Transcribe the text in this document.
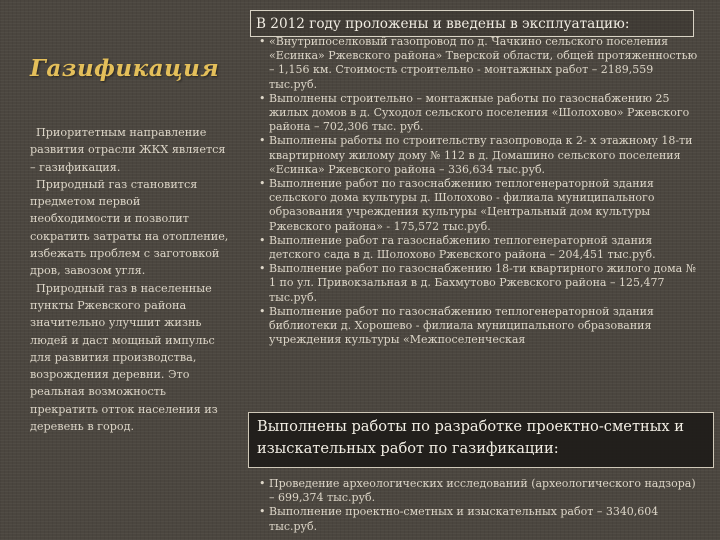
Газификация

Приоритетным направление развития отрасли ЖКХ является – газификация.

Природный газ становится предметом первой необходимости и позволит сократить затраты на отопление, избежать проблем с заготовкой дров, завозом угля.

Природный газ в населенные пункты Ржевского района значительно улучшит жизнь людей и даст мощный импульс для развития производства, возрождения деревни. Это реальная возможность прекратить отток населения из деревень в город.

В 2012 году проложены и введены в эксплуатацию:
• «Внутрипоселковый газопровод по д. Чачкино сельского поселения «Есинка» Ржевского района» Тверской области, общей протяженностью – 1,156 км. Стоимость строительно - монтажных работ – 2189,559 тыс.руб.
• Выполнены строительно – монтажные работы по газоснабжению 25 жилых домов в д. Суходол сельского поселения «Шолохово» Ржевского района – 702,306 тыс. руб.
• Выполнены работы по строительству газопровода к 2- х этажному 18-ти квартирному жилому дому № 112 в д. Домашино сельского поселения «Есинка» Ржевского района – 336,634 тыс.руб.
• Выполнение работ по газоснабжению теплогенераторной здания сельского дома культуры д. Шолохово - филиала муниципального образования учреждения культуры «Центральный дом культуры Ржевского района» - 175,572 тыс.руб.
• Выполнение работ га газоснабжению теплогенераторной здания детского сада в д. Шолохово Ржевского района – 204,451 тыс.руб.
• Выполнение работ по газоснабжению 18-ти квартирного жилого дома № 1 по ул. Привокзальная в д. Бахмутово Ржевского района – 125,477 тыс.руб.
• Выполнение работ по газоснабжению теплогенераторной здания библиотеки д. Хорошево - филиала муниципального образования учреждения культуры «Межпоселенческая
Выполнены работы по разработке проектно-сметных и изыскательных работ по газификации:
• Проведение археологических исследований (археологического надзора) – 699,374 тыс.руб.
• Выполнение проектно-сметных и изыскательных работ – 3340,604 тыс.руб.
